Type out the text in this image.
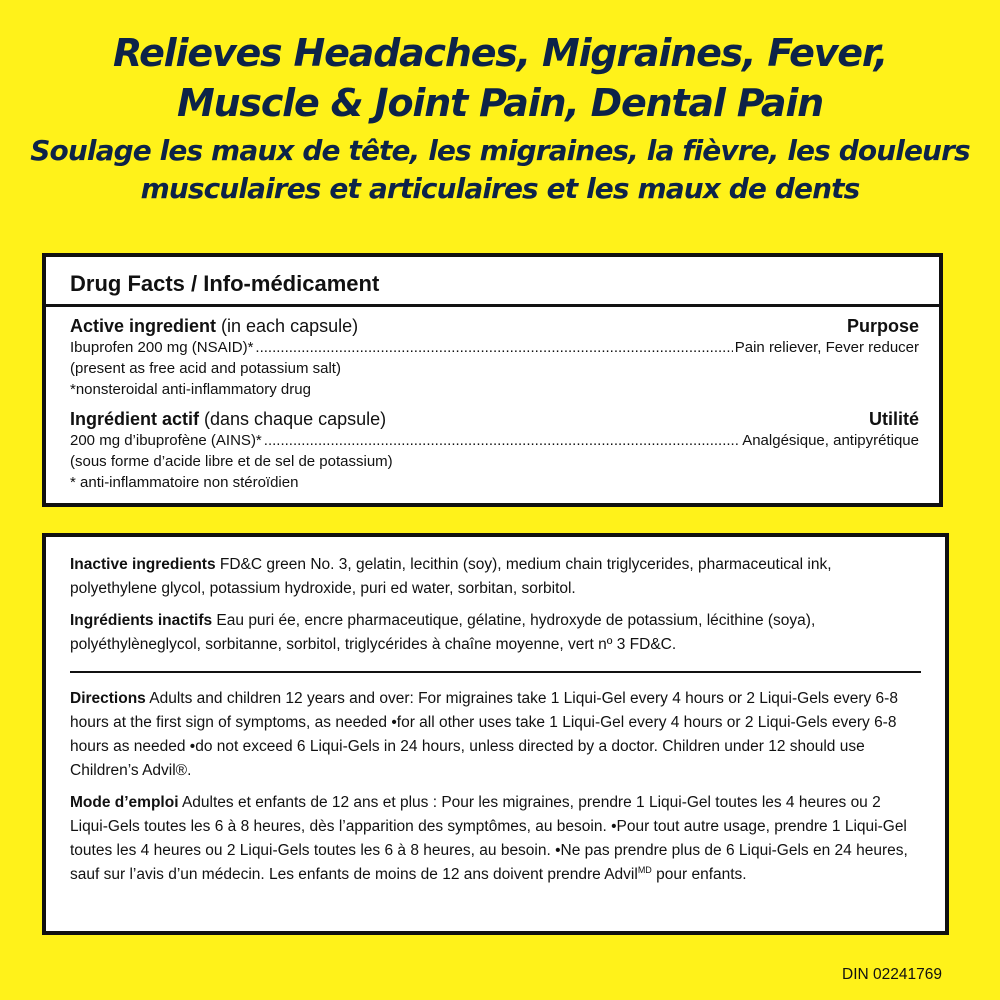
Relieves Headaches, Migraines, Fever,
Muscle & Joint Pain, Dental Pain
Soulage les maux de tête, les migraines, la fièvre, les douleurs
musculaires et articulaires et les maux de dents
Drug Facts / Info-médicament
Active ingredient (in each capsule)	Purpose
Ibuprofen 200 mg (NSAID)* .....	Pain reliever, Fever reducer
(present as free acid and potassium salt)
*nonsteroidal anti-inflammatory drug
Ingrédient actif (dans chaque capsule)	Utilité
200 mg d’ibuprofène (AINS)* .....	Analgésique, antipyrétique
(sous forme d’acide libre et de sel de potassium)
* anti-inflammatoire non stéroïdien

Inactive ingredients FD&C green No. 3, gelatin, lecithin (soy), medium chain triglycerides, pharmaceutical ink, polyethylene glycol, potassium hydroxide, puri ed water, sorbitan, sorbitol.

Ingrédients inactifs Eau puri ée, encre pharmaceutique, gélatine, hydroxyde de potassium, lécithine (soya), polyéthylèneglycol, sorbitanne, sorbitol, triglycérides à chaîne moyenne, vert nº 3 FD&C.

Directions Adults and children 12 years and over: For migraines take 1 Liqui-Gel every 4 hours or 2 Liqui-Gels every 6-8 hours at the first sign of symptoms, as needed •for all other uses take 1 Liqui-Gel every 4 hours or 2 Liqui-Gels every 6-8 hours as needed •do not exceed 6 Liqui-Gels in 24 hours, unless directed by a doctor. Children under 12 should use Children’s Advil®.

Mode d’emploi Adultes et enfants de 12 ans et plus : Pour les migraines, prendre 1 Liqui-Gel toutes les 4 heures ou 2 Liqui-Gels toutes les 6 à 8 heures, dès l’apparition des symptômes, au besoin. •Pour tout autre usage, prendre 1 Liqui-Gel toutes les 4 heures ou 2 Liqui-Gels toutes les 6 à 8 heures, au besoin. •Ne pas prendre plus de 6 Liqui-Gels en 24 heures, sauf sur l’avis d’un médecin. Les enfants de moins de 12 ans doivent prendre Advil$^{MD}$ pour enfants.

DIN 02241769
